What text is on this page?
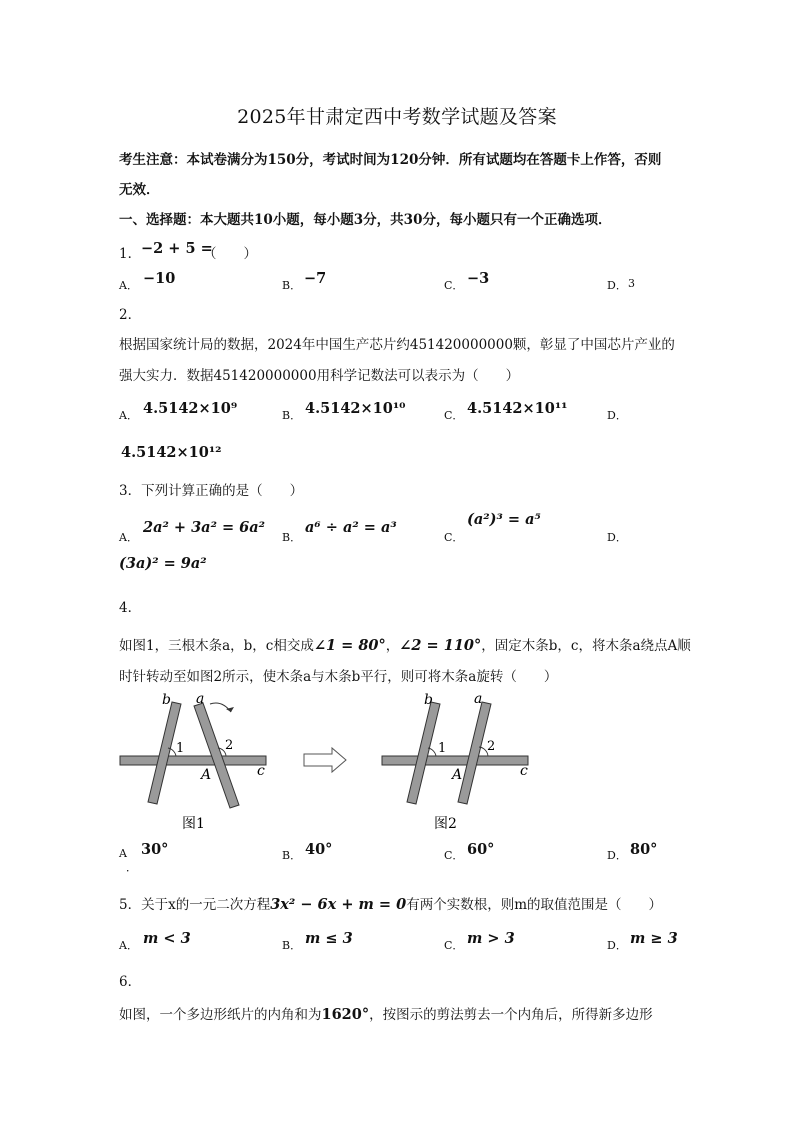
2025年甘肃定西中考数学试题及答案
考生注意：本试卷满分为150分，考试时间为120分钟．所有试题均在答题卡上作答，否则
无效．
一、选择题：本大题共10小题，每小题3分，共30分，每小题只有一个正确选项．
1． −2 + 5 =
（　　）
A． −10	B． −7	C． −3	D． 3
2．
根据国家统计局的数据，2024年中国生产芯片约451420000000颗，彰显了中国芯片产业的
强大实力．数据451420000000用科学记数法可以表示为（　　）
A． 4.5142×10⁹	B． 4.5142×10¹⁰	C． 4.5142×10¹¹	D．
4.5142×10¹²
3．下列计算正确的是（　　）
A．
2a² + 3a² = 6a²
B．
a⁶ ÷ a² = a³
C．
(a²)³ = a⁵
D．
(3a)² = 9a²
4．
如图1，三根木条a，b，c相交成 ∠1 = 80° ， ∠2 = 110° ，固定木条b，c，将木条a绕点A顺
时针转动至如图2所示，使木条a与木条b平行，则可将木条a旋转（　　）
b a
1	2
A	c
图1
b	a
1	2
A	c
图2
A
．
30°	B． 40°	C． 60°	D． 80°
5．关于x的一元二次方程 3x² − 6x + m = 0 有两个实数根，则m的取值范围是（　　）
A． m < 3	B． m ≤ 3	C． m > 3	D． m ≥ 3
6．
如图，一个多边形纸片的内角和为 1620° ，按图示的剪法剪去一个内角后，所得新多边形
